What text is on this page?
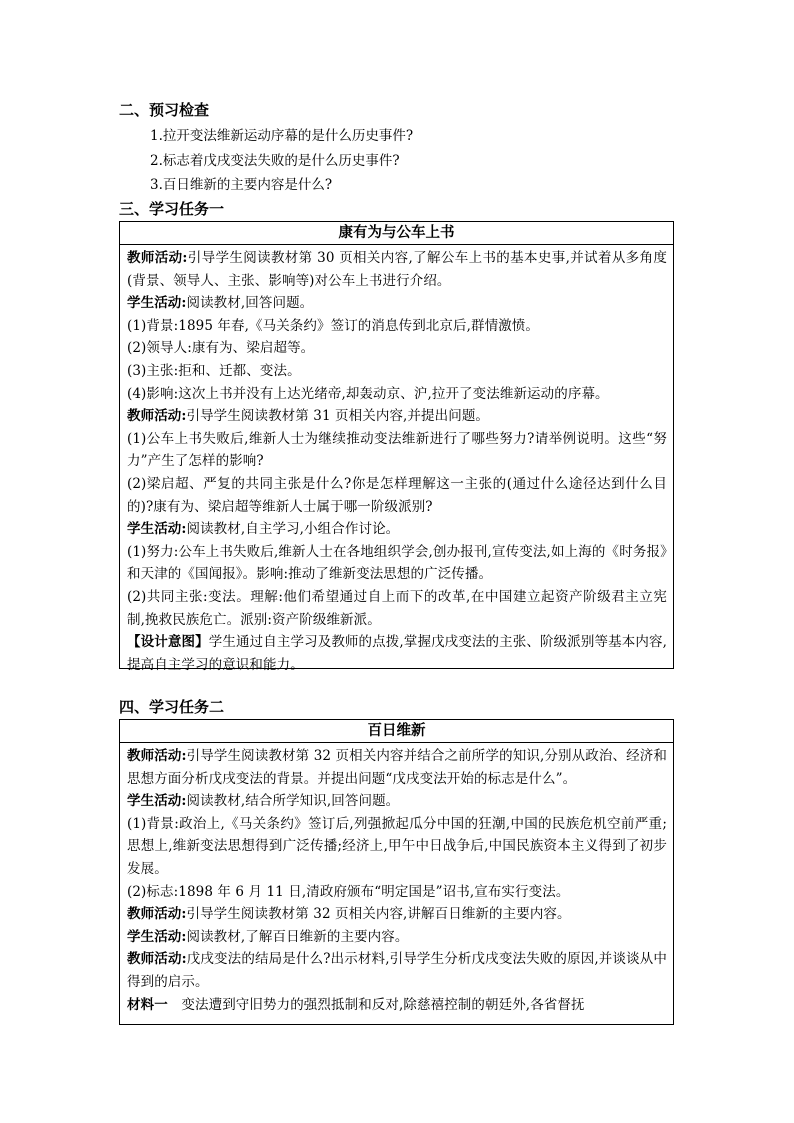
二、预习检查
1.拉开变法维新运动序幕的是什么历史事件?
2.标志着戊戌变法失败的是什么历史事件?
3.百日维新的主要内容是什么?
三、学习任务一
康有为与公车上书
教师活动:引导学生阅读教材第 30 页相关内容,了解公车上书的基本史事,并试着从多角度(背景、领导人、主张、影响等)对公车上书进行介绍。
学生活动:阅读教材,回答问题。
(1)背景:1895 年春,《马关条约》签订的消息传到北京后,群情激愤。
(2)领导人:康有为、梁启超等。
(3)主张:拒和、迁都、变法。
(4)影响:这次上书并没有上达光绪帝,却轰动京、沪,拉开了变法维新运动的序幕。
教师活动:引导学生阅读教材第 31 页相关内容,并提出问题。
(1)公车上书失败后,维新人士为继续推动变法维新进行了哪些努力?请举例说明。这些“努力”产生了怎样的影响?
(2)梁启超、严复的共同主张是什么?你是怎样理解这一主张的(通过什么途径达到什么目的)?康有为、梁启超等维新人士属于哪一阶级派别?
学生活动:阅读教材,自主学习,小组合作讨论。
(1)努力:公车上书失败后,维新人士在各地组织学会,创办报刊,宣传变法,如上海的《时务报》和天津的《国闻报》。影响:推动了维新变法思想的广泛传播。
(2)共同主张:变法。理解:他们希望通过自上而下的改革,在中国建立起资产阶级君主立宪制,挽救民族危亡。派别:资产阶级维新派。
【设计意图】学生通过自主学习及教师的点拨,掌握戊戌变法的主张、阶级派别等基本内容,提高自主学习的意识和能力。
四、学习任务二
百日维新
教师活动:引导学生阅读教材第 32 页相关内容并结合之前所学的知识,分别从政治、经济和思想方面分析戊戌变法的背景。并提出问题“戊戌变法开始的标志是什么”。
学生活动:阅读教材,结合所学知识,回答问题。
(1)背景:政治上,《马关条约》签订后,列强掀起瓜分中国的狂潮,中国的民族危机空前严重;思想上,维新变法思想得到广泛传播;经济上,甲午中日战争后,中国民族资本主义得到了初步发展。
(2)标志:1898 年 6 月 11 日,清政府颁布“明定国是”诏书,宣布实行变法。
教师活动:引导学生阅读教材第 32 页相关内容,讲解百日维新的主要内容。
学生活动:阅读教材,了解百日维新的主要内容。
教师活动:戊戌变法的结局是什么?出示材料,引导学生分析戊戌变法失败的原因,并谈谈从中得到的启示。
材料一　变法遭到守旧势力的强烈抵制和反对,除慈禧控制的朝廷外,各省督抚
